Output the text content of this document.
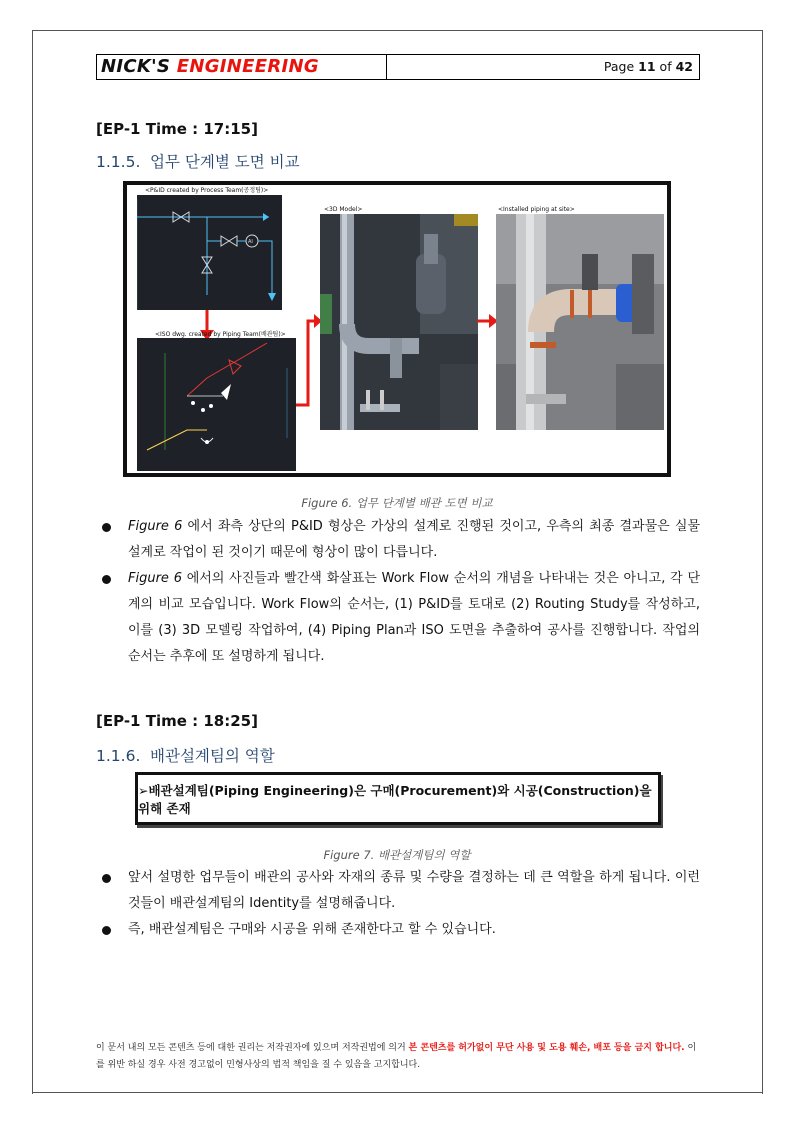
NICK'S ENGINEERING	Page 11 of 42
[EP-1 Time : 17:15]
1.1.5. 업무 단계별 도면 비교
<P&ID created by Process Team(공정팀)>
AI
<ISO dwg. created by Piping Team(배관팀)>
<3D Model>	<Installed piping at site>
Figure 6. 업무 단계별 배관 도면 비교
Figure 6 에서 좌측 상단의 P&ID 형상은 가상의 설계로 진행된 것이고, 우측의 최종 결과물은 실물 설계로 작업이 된 것이기 때문에 형상이 많이 다릅니다.
Figure 6 에서의 사진들과 빨간색 화살표는 Work Flow 순서의 개념을 나타내는 것은 아니고, 각 단계의 비교 모습입니다. Work Flow의 순서는, (1) P&ID를 토대로 (2) Routing Study를 작성하고, 이를 (3) 3D 모델링 작업하여, (4) Piping Plan과 ISO 도면을 추출하여 공사를 진행합니다. 작업의 순서는 추후에 또 설명하게 됩니다.
[EP-1 Time : 18:25]
1.1.6. 배관설계팀의 역할
➢배관설계팀(Piping Engineering)은 구매(Procurement)와 시공(Construction)을 위해 존재
Figure 7. 배관설계팀의 역할
앞서 설명한 업무들이 배관의 공사와 자재의 종류 및 수량을 결정하는 데 큰 역할을 하게 됩니다. 이런 것들이 배관설계팀의 Identity를 설명해줍니다.
즉, 배관설계팀은 구매와 시공을 위해 존재한다고 할 수 있습니다.
이 문서 내의 모든 콘텐츠 등에 대한 권리는 저작권자에 있으며 저작권법에 의거 본 콘텐츠를 허가없이 무단 사용 및 도용 훼손, 배포 등을 금지 합니다. 이를 위반 하실 경우 사전 경고없이 민형사상의 법적 책임을 질 수 있음을 고지합니다.
